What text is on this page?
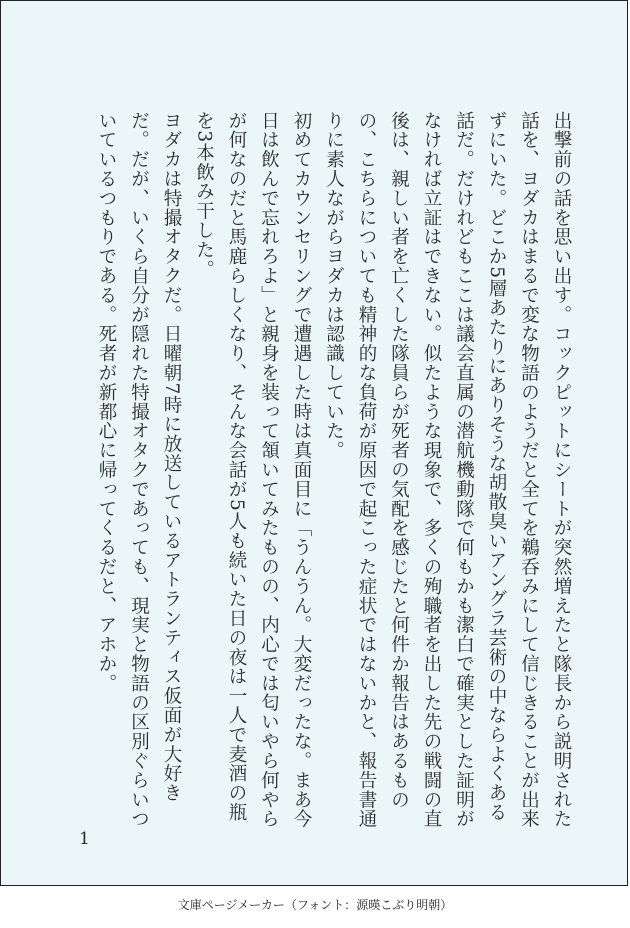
出撃前の話を思い出す。コックピットにシートが突然増えたと隊長から説明された話を、ヨダカはまるで変な物語のようだと全てを鵜呑みにして信じきることが出来ずにいた。どこか5層あたりにありそうな胡散臭いアングラ芸術の中ならよくある話だ。だけれどもここは議会直属の潜航機動隊で何もかも潔白で確実とした証明がなければ立証はできない。似たような現象で、多くの殉職者を出した先の戦闘の直後は、親しい者を亡くした隊員らが死者の気配を感じたと何件か報告はあるものの、こちらについても精神的な負荷が原因で起こった症状ではないかと、報告書通りに素人ながらヨダカは認識していた。

初めてカウンセリングで遭遇した時は真面目に「うんうん。大変だったな。まあ今日は飲んで忘れろよ」と親身を装って頷いてみたものの、内心では匂いやら何やらが何なのだと馬鹿らしくなり、そんな会話が5人も続いた日の夜は一人で麦酒の瓶を3本飲み干した。

ヨダカは特撮オタクだ。日曜朝7時に放送しているアトランティス仮面が大好きだ。だが、いくら自分が隠れた特撮オタクであっても、現実と物語の区別ぐらいついているつもりである。死者が新都心に帰ってくるだと、アホか。

1
文庫ページメーカー（フォント：源暎こぶり明朝）
